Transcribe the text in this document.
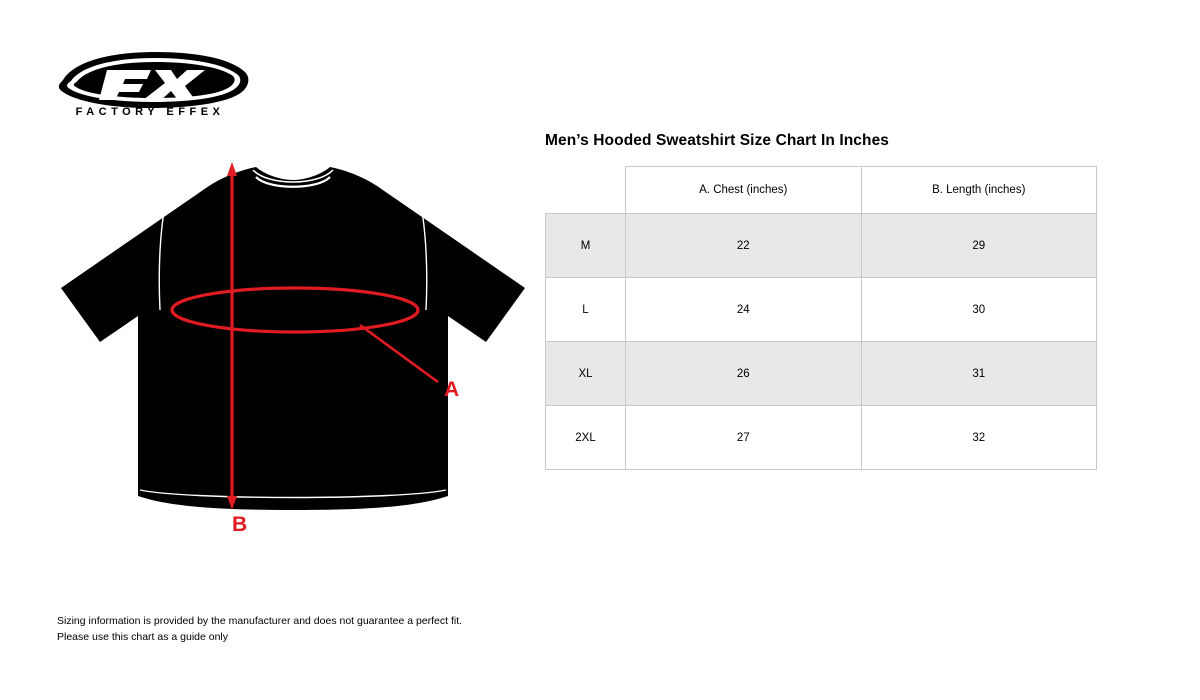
FACTORY EFFEX
A
B
Men’s Hooded Sweatshirt Size Chart In Inches
	A. Chest (inches)	B. Length (inches)
M	22	29
L	24	30
XL	26	31
2XL	27	32
Sizing information is provided by the manufacturer and does not guarantee a perfect fit.
Please use this chart as a guide only
